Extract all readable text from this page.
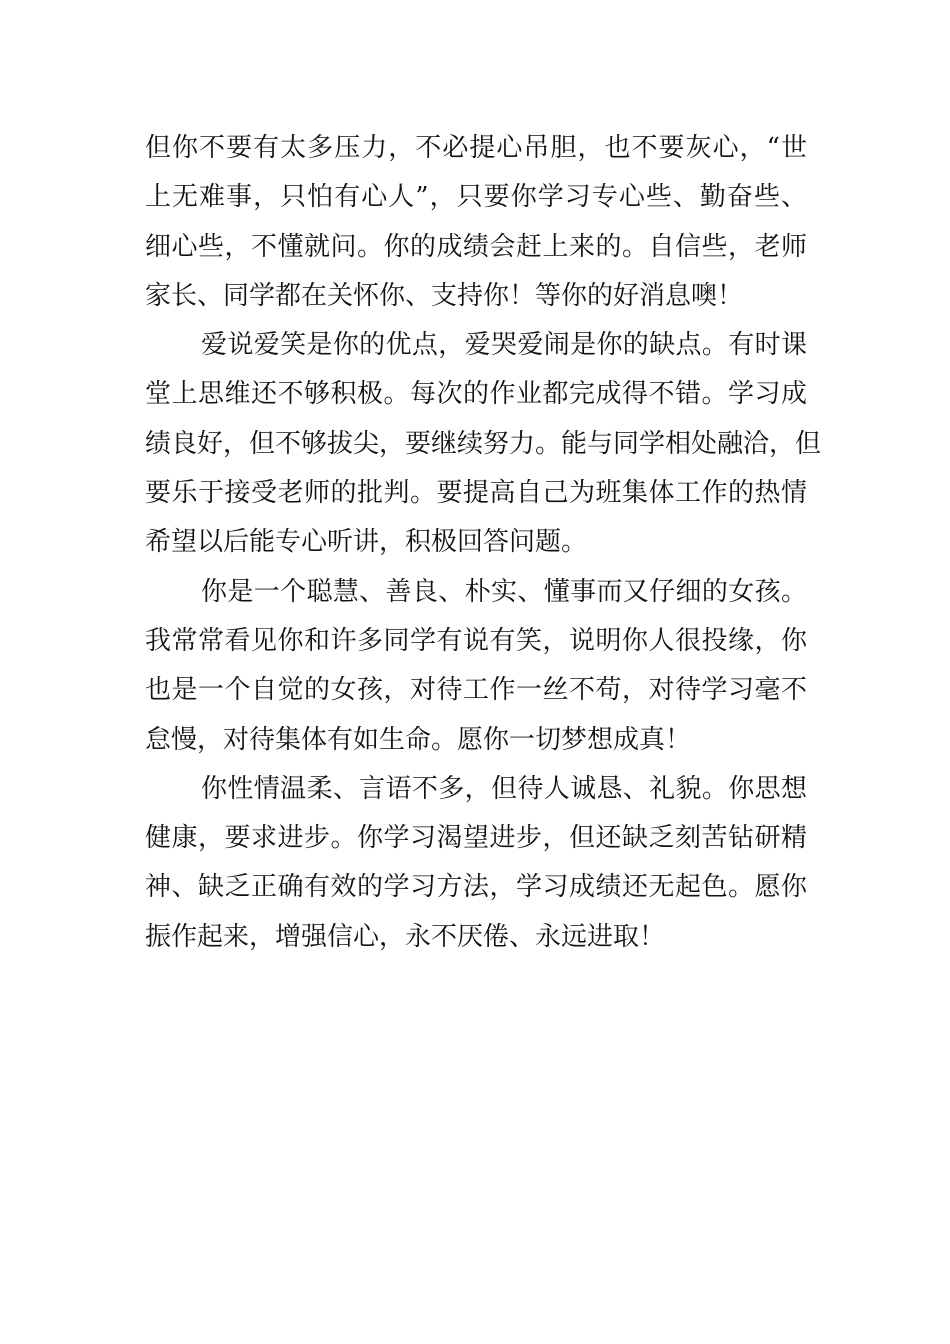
但你不要有太多压力，不必提心吊胆，也不要灰心，“世
上无难事，只怕有心人”，只要你学习专心些、勤奋些、
细心些，不懂就问。你的成绩会赶上来的。自信些，老师
家长、同学都在关怀你、支持你！等你的好消息噢！
爱说爱笑是你的优点，爱哭爱闹是你的缺点。有时课
堂上思维还不够积极。每次的作业都完成得不错。学习成
绩良好，但不够拔尖，要继续努力。能与同学相处融洽，但
要乐于接受老师的批判。要提高自己为班集体工作的热情
希望以后能专心听讲，积极回答问题。
你是一个聪慧、善良、朴实、懂事而又仔细的女孩。
我常常看见你和许多同学有说有笑，说明你人很投缘，你
也是一个自觉的女孩，对待工作一丝不苟，对待学习毫不
怠慢，对待集体有如生命。愿你一切梦想成真！
你性情温柔、言语不多，但待人诚恳、礼貌。你思想
健康，要求进步。你学习渴望进步，但还缺乏刻苦钻研精
神、缺乏正确有效的学习方法，学习成绩还无起色。愿你
振作起来，增强信心，永不厌倦、永远进取！
